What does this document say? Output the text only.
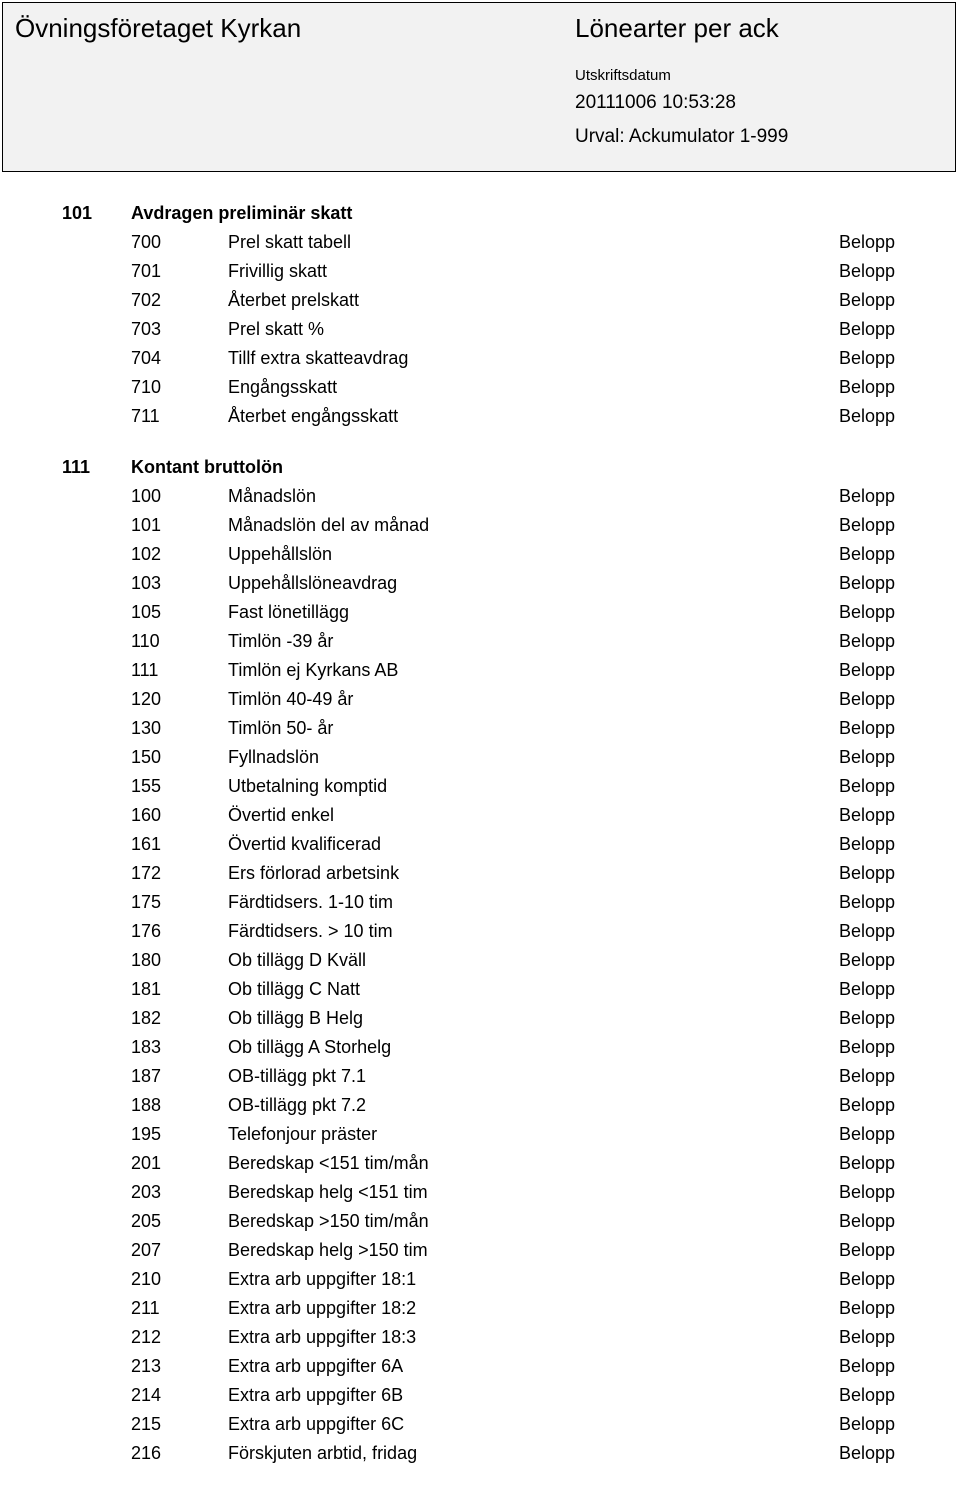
Övningsföretaget Kyrkan	Lönearter per ack
Utskriftsdatum
20111006 10:53:28
Urval: Ackumulator 1-999
101 Avdragen preliminär skatt
700	Prel skatt tabell	Belopp
701	Frivillig skatt	Belopp
702	Återbet prelskatt	Belopp
703	Prel skatt %	Belopp
704	Tillf extra skatteavdrag	Belopp
710	Engångsskatt	Belopp
711	Återbet engångsskatt	Belopp
111 Kontant bruttolön
100	Månadslön	Belopp
101	Månadslön del av månad	Belopp
102	Uppehållslön	Belopp
103	Uppehållslöneavdrag	Belopp
105	Fast lönetillägg	Belopp
110	Timlön -39 år	Belopp
111	Timlön ej Kyrkans AB	Belopp
120	Timlön 40-49 år	Belopp
130	Timlön 50- år	Belopp
150	Fyllnadslön	Belopp
155	Utbetalning komptid	Belopp
160	Övertid enkel	Belopp
161	Övertid kvalificerad	Belopp
172	Ers förlorad arbetsink	Belopp
175	Färdtidsers. 1-10 tim	Belopp
176	Färdtidsers. > 10 tim	Belopp
180	Ob tillägg D Kväll	Belopp
181	Ob tillägg C Natt	Belopp
182	Ob tillägg B Helg	Belopp
183	Ob tillägg A Storhelg	Belopp
187	OB-tillägg pkt 7.1	Belopp
188	OB-tillägg pkt 7.2	Belopp
195	Telefonjour präster	Belopp
201	Beredskap <151 tim/mån	Belopp
203	Beredskap helg <151 tim	Belopp
205	Beredskap >150 tim/mån	Belopp
207	Beredskap helg >150 tim	Belopp
210	Extra arb uppgifter 18:1	Belopp
211	Extra arb uppgifter 18:2	Belopp
212	Extra arb uppgifter 18:3	Belopp
213	Extra arb uppgifter 6A	Belopp
214	Extra arb uppgifter 6B	Belopp
215	Extra arb uppgifter 6C	Belopp
216	Förskjuten arbtid, fridag	Belopp
